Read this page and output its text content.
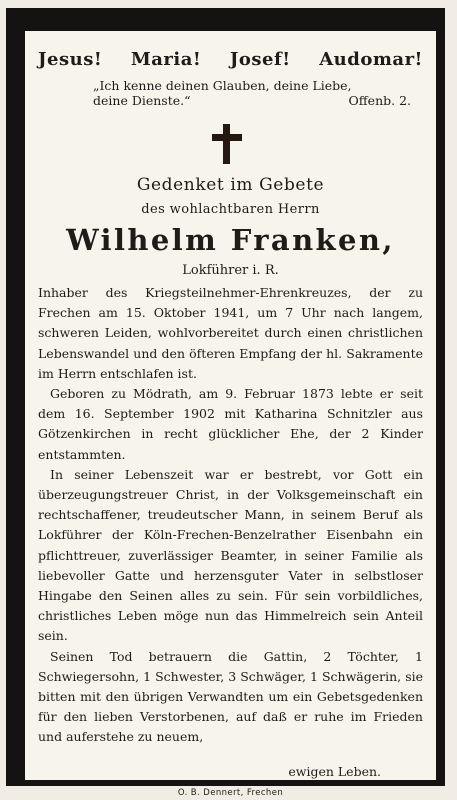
Jesus! Maria! Josef! Audomar!
„Ich kenne deinen Glauben, deine Liebe,
deine Dienste.“	Offenb. 2.
Gedenket im Gebete
des wohlachtbaren Herrn
Wilhelm Franken,
Lokführer i. R.

Inhaber des Kriegsteilnehmer-Ehrenkreuzes, der zu Frechen am 15. Oktober 1941, um 7 Uhr nach langem, schweren Leiden, wohlvorbereitet durch einen christlichen Lebenswandel und den öfteren Empfang der hl. Sakramente im Herrn entschlafen ist.

Geboren zu Mödrath, am 9. Februar 1873 lebte er seit dem 16. September 1902 mit Katharina Schnitzler aus Götzenkirchen in recht glücklicher Ehe, der 2 Kinder entstammten.

In seiner Lebenszeit war er bestrebt, vor Gott ein überzeugungstreuer Christ, in der Volksgemeinschaft ein rechtschaffener, treudeutscher Mann, in seinem Beruf als Lokführer der Köln-Frechen-Benzelrather Eisenbahn ein pflichttreuer, zuverlässiger Beamter, in seiner Familie als liebevoller Gatte und herzensguter Vater in selbstloser Hingabe den Seinen alles zu sein. Für sein vorbildliches, christliches Leben möge nun das Himmelreich sein Anteil sein.

Seinen Tod betrauern die Gattin, 2 Töchter, 1 Schwiegersohn, 1 Schwester, 3 Schwäger, 1 Schwägerin, sie bitten mit den übrigen Verwandten um ein Gebetsgedenken für den lieben Verstorbenen, auf daß er ruhe im Frieden und auferstehe zu neuem,

ewigen Leben.
O. B. Dennert, Frechen
